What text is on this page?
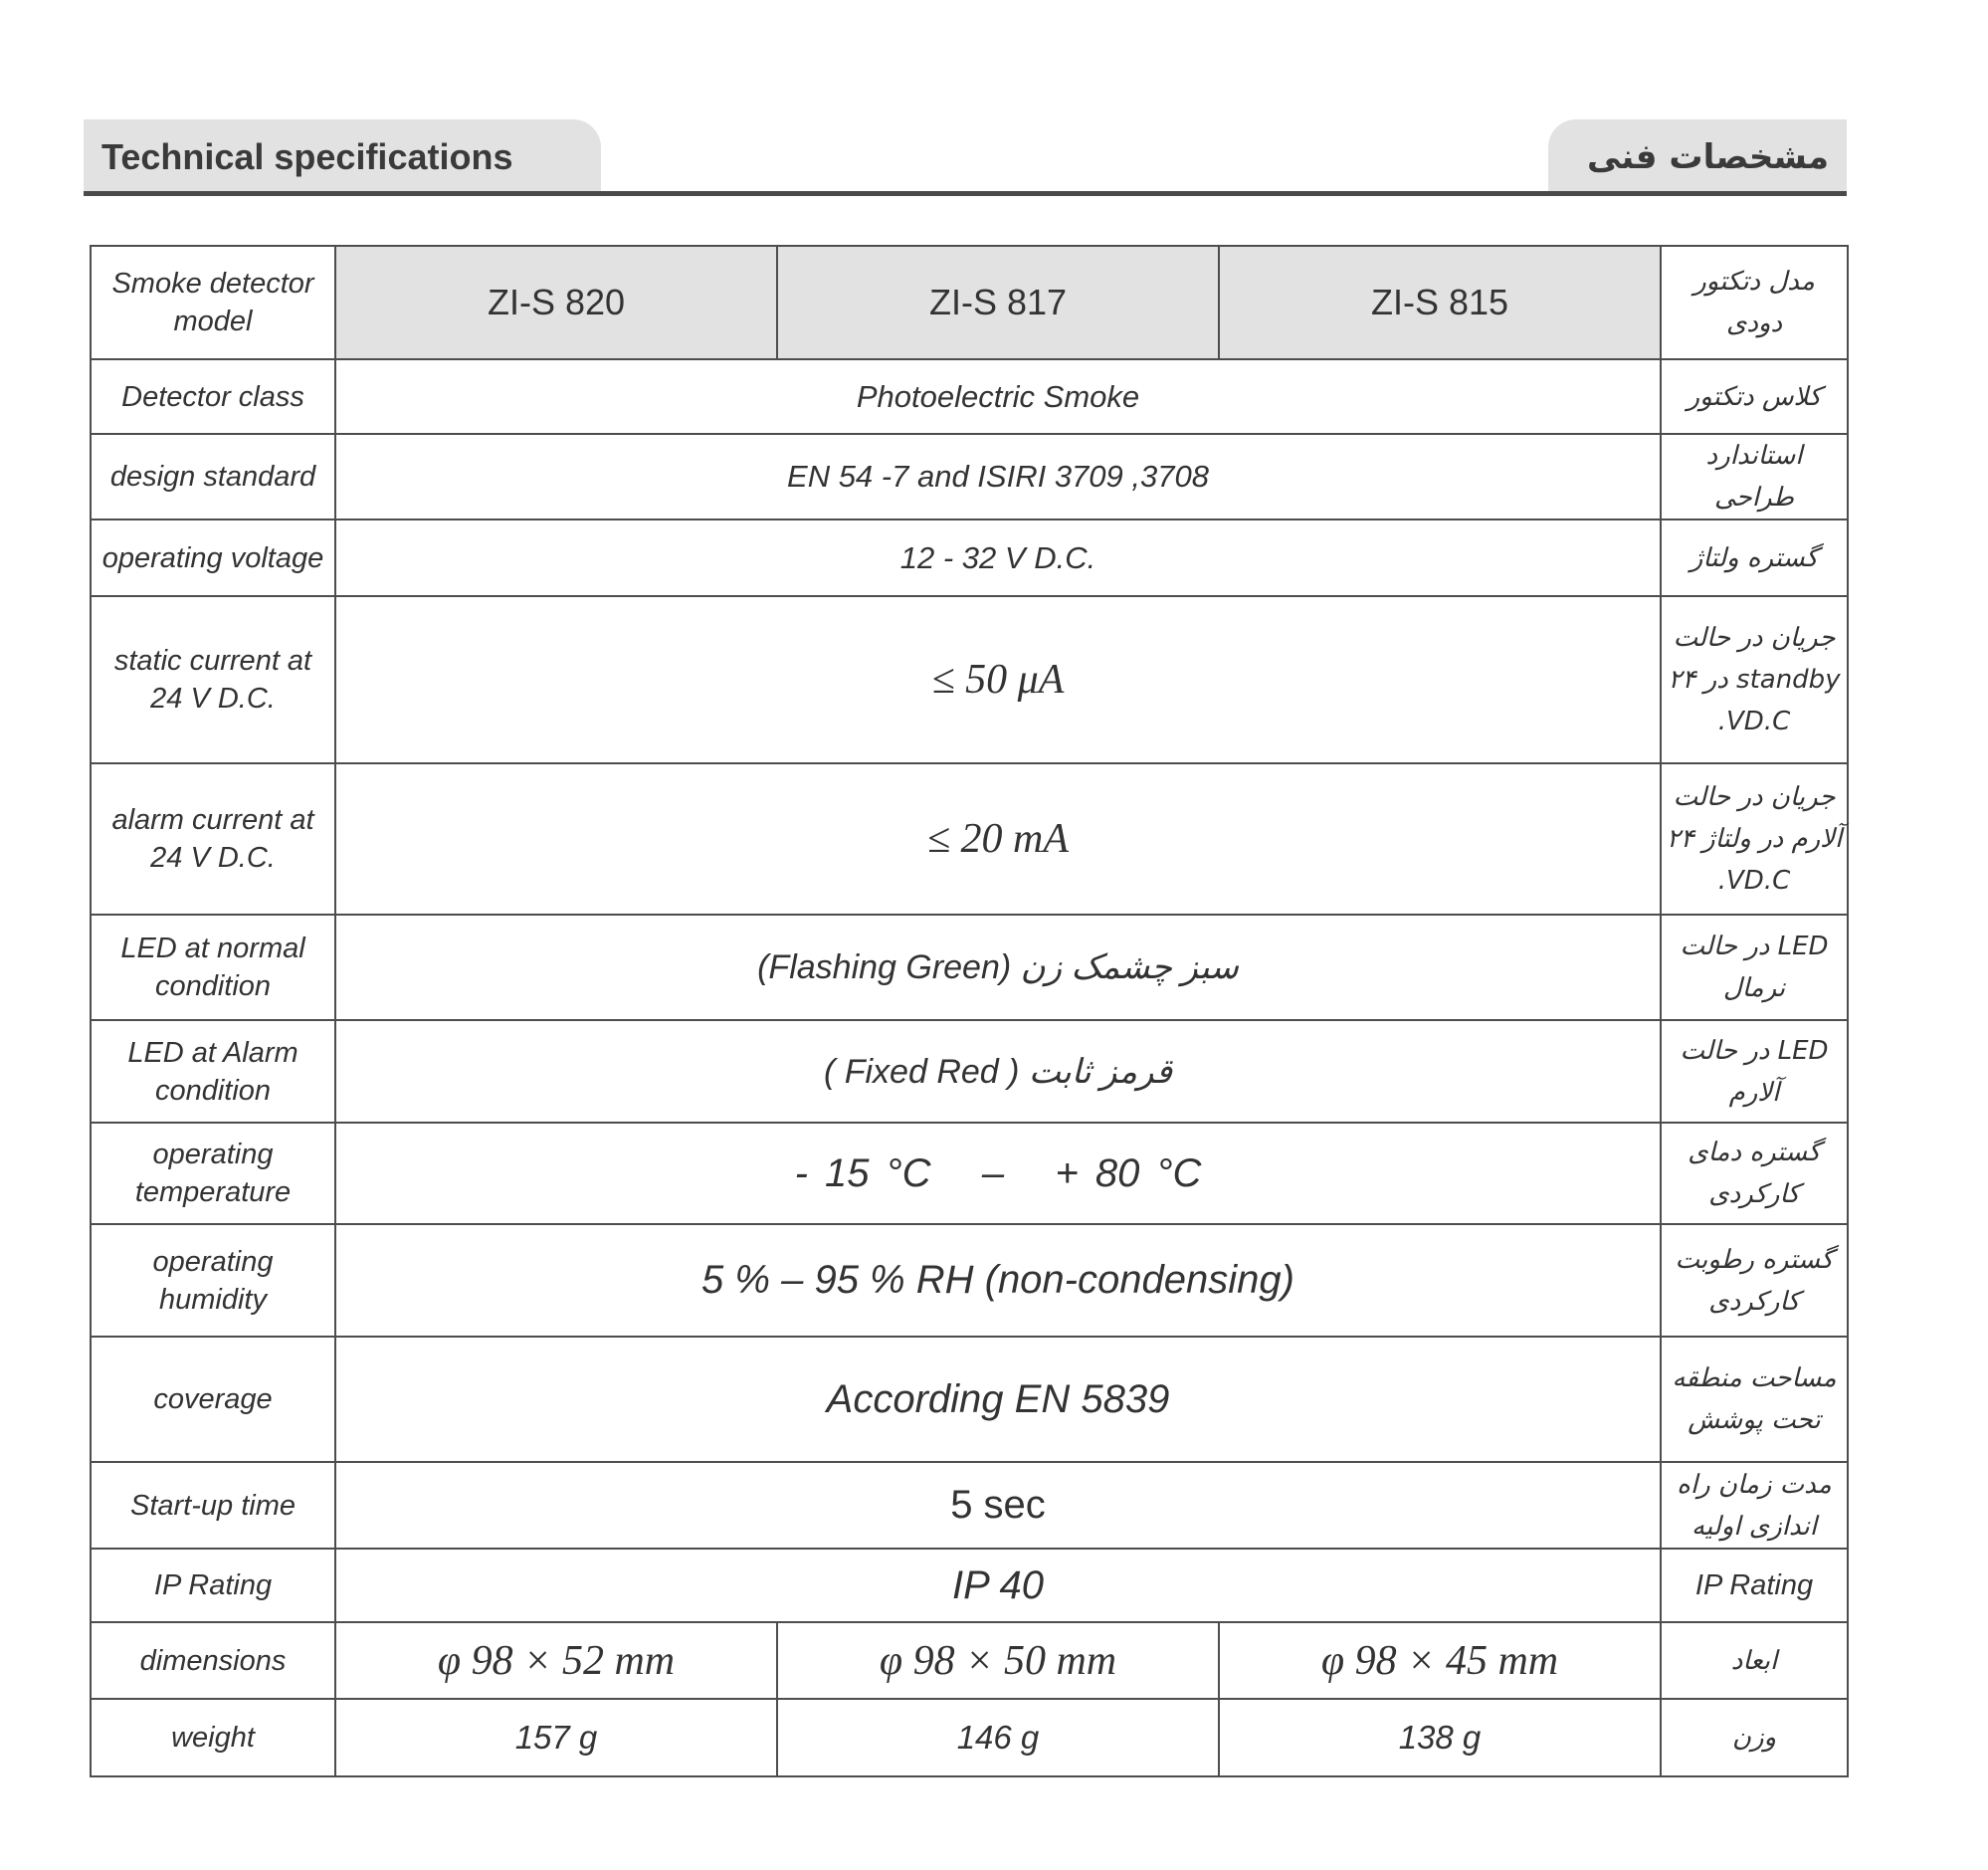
Technical specifications	مشخصات فنی
Smoke detector model	ZI-S 820	ZI-S 817	ZI-S 815	مدل دتکتور دودی
Detector class	Photoelectric Smoke			کلاس دتکتور
design standard	EN 54 -7 and ISIRI 3709 ,3708			استاندارد طراحی
operating voltage	12 - 32 V D.C.			گستره ولتاژ
static current at 24 V D.C.	≤ 50 μA			جریان در حالت standby در ۲۴ VD.C.
alarm current at 24 V D.C.	≤ 20 mA			جریان در حالت آلارم در ولتاژ ۲۴ VD.C.
LED at normal condition	سبز چشمک زن (Flashing Green)			LED در حالت نرمال
LED at Alarm condition	قرمز ثابت ( Fixed Red )			LED در حالت آلارم
operating temperature	- 15 °C   –   + 80 °C			گستره دمای کارکردی
operating humidity	5 % – 95 % RH (non-condensing)			گستره رطوبت کارکردی
coverage	According EN 5839			مساحت منطقه تحت پوشش
Start-up time	5 sec			مدت زمان راه اندازی اولیه
IP Rating	IP 40			IP Rating
dimensions	φ 98 × 52 mm	φ 98 × 50 mm	φ 98 × 45 mm	ابعاد
weight	157 g	146 g	138 g	وزن
